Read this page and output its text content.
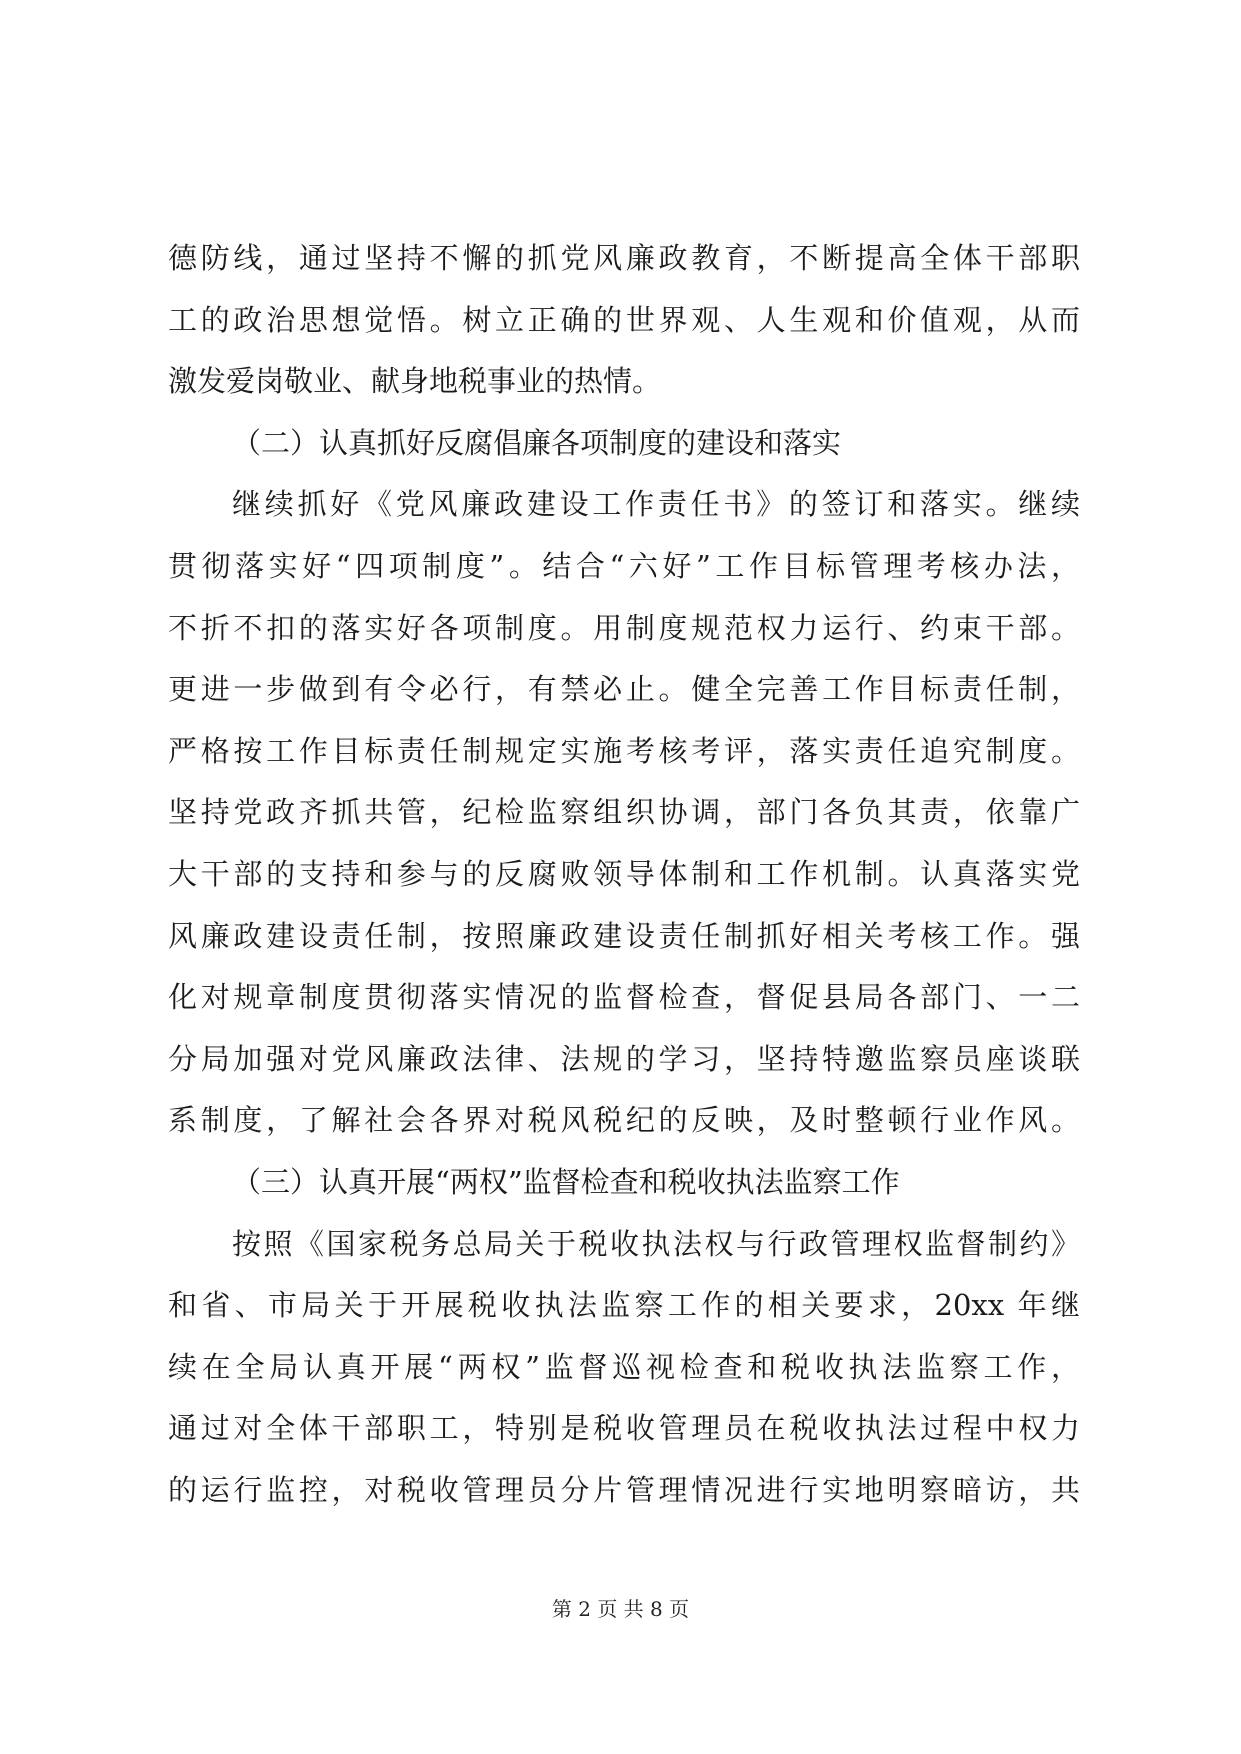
德防线，通过坚持不懈的抓党风廉政教育，不断提高全体干部职
工的政治思想觉悟。树立正确的世界观、人生观和价值观，从而
激发爱岗敬业、献身地税事业的热情。
（二）认真抓好反腐倡廉各项制度的建设和落实
继续抓好《党风廉政建设工作责任书》的签订和落实。继续
贯彻落实好“四项制度”。结合“六好”工作目标管理考核办法，
不折不扣的落实好各项制度。用制度规范权力运行、约束干部。
更进一步做到有令必行，有禁必止。健全完善工作目标责任制，
严格按工作目标责任制规定实施考核考评，落实责任追究制度。
坚持党政齐抓共管，纪检监察组织协调，部门各负其责，依靠广
大干部的支持和参与的反腐败领导体制和工作机制。认真落实党
风廉政建设责任制，按照廉政建设责任制抓好相关考核工作。强
化对规章制度贯彻落实情况的监督检查，督促县局各部门、一二
分局加强对党风廉政法律、法规的学习，坚持特邀监察员座谈联
系制度，了解社会各界对税风税纪的反映，及时整顿行业作风。
（三）认真开展“两权”监督检查和税收执法监察工作
按照《国家税务总局关于税收执法权与行政管理权监督制约》
和省、市局关于开展税收执法监察工作的相关要求，20xx 年继
续在全局认真开展“两权”监督巡视检查和税收执法监察工作，
通过对全体干部职工，特别是税收管理员在税收执法过程中权力
的运行监控，对税收管理员分片管理情况进行实地明察暗访，共
第 2 页 共 8 页
